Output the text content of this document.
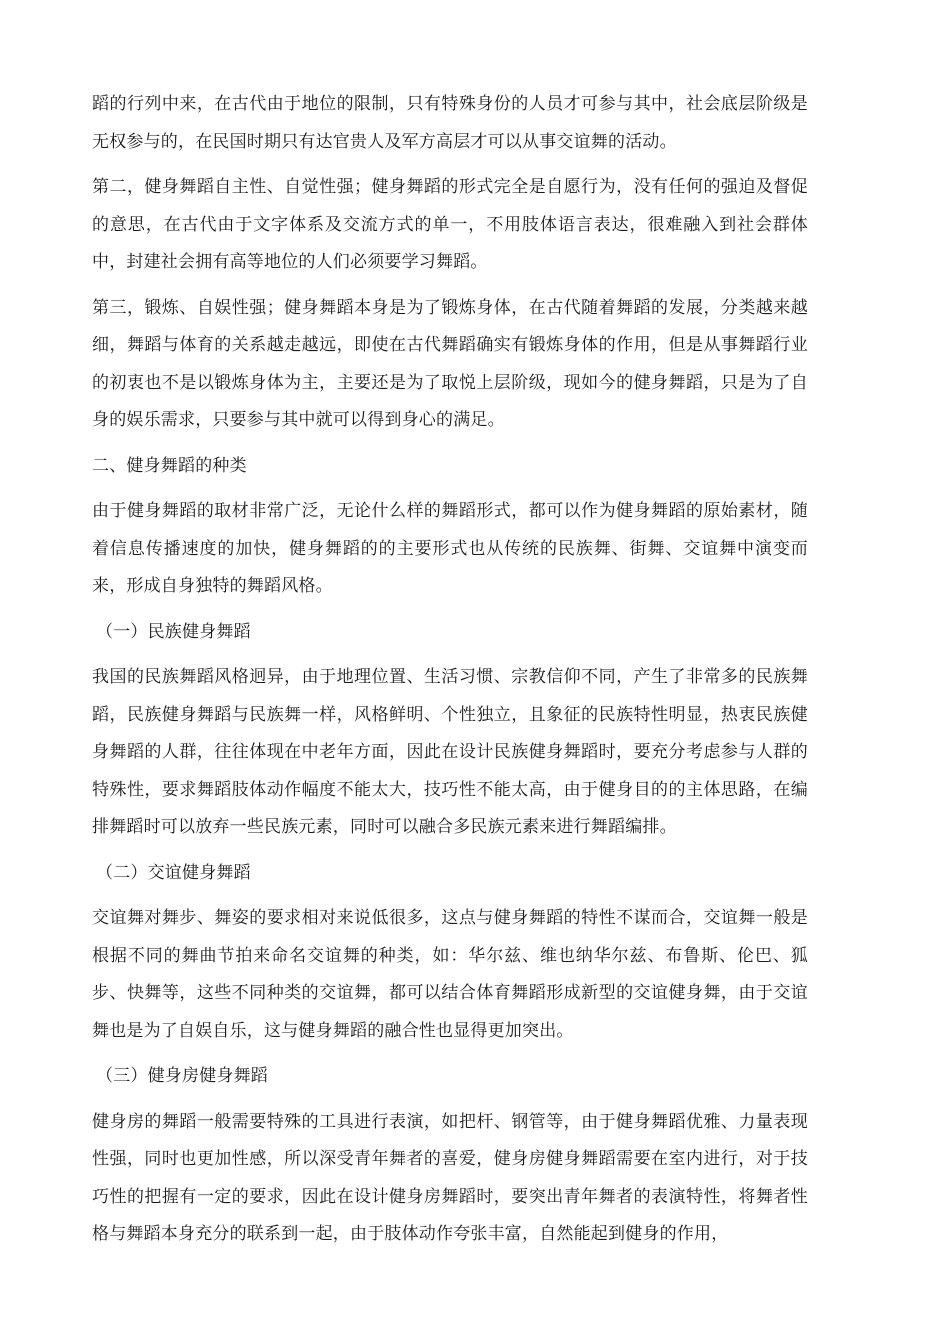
蹈的行列中来，在古代由于地位的限制，只有特殊身份的人员才可参与其中，社会底层阶级是无权参与的，在民国时期只有达官贵人及军方高层才可以从事交谊舞的活动。

第二，健身舞蹈自主性、自觉性强；健身舞蹈的形式完全是自愿行为，没有任何的强迫及督促的意思，在古代由于文字体系及交流方式的单一，不用肢体语言表达，很难融入到社会群体中，封建社会拥有高等地位的人们必须要学习舞蹈。

第三，锻炼、自娱性强；健身舞蹈本身是为了锻炼身体，在古代随着舞蹈的发展，分类越来越细，舞蹈与体育的关系越走越远，即使在古代舞蹈确实有锻炼身体的作用，但是从事舞蹈行业的初衷也不是以锻炼身体为主，主要还是为了取悦上层阶级，现如今的健身舞蹈，只是为了自身的娱乐需求，只要参与其中就可以得到身心的满足。

二、健身舞蹈的种类

由于健身舞蹈的取材非常广泛，无论什么样的舞蹈形式，都可以作为健身舞蹈的原始素材，随着信息传播速度的加快，健身舞蹈的的主要形式也从传统的民族舞、街舞、交谊舞中演变而来，形成自身独特的舞蹈风格。

（一）民族健身舞蹈

我国的民族舞蹈风格迥异，由于地理位置、生活习惯、宗教信仰不同，产生了非常多的民族舞蹈，民族健身舞蹈与民族舞一样，风格鲜明、个性独立，且象征的民族特性明显，热衷民族健身舞蹈的人群，往往体现在中老年方面，因此在设计民族健身舞蹈时，要充分考虑参与人群的特殊性，要求舞蹈肢体动作幅度不能太大，技巧性不能太高，由于健身目的的主体思路，在编排舞蹈时可以放弃一些民族元素，同时可以融合多民族元素来进行舞蹈编排。

（二）交谊健身舞蹈

交谊舞对舞步、舞姿的要求相对来说低很多，这点与健身舞蹈的特性不谋而合，交谊舞一般是根据不同的舞曲节拍来命名交谊舞的种类，如：华尔兹、维也纳华尔兹、布鲁斯、伦巴、狐步、快舞等，这些不同种类的交谊舞，都可以结合体育舞蹈形成新型的交谊健身舞，由于交谊舞也是为了自娱自乐，这与健身舞蹈的融合性也显得更加突出。

（三）健身房健身舞蹈

健身房的舞蹈一般需要特殊的工具进行表演，如把杆、钢管等，由于健身舞蹈优雅、力量表现性强，同时也更加性感，所以深受青年舞者的喜爱，健身房健身舞蹈需要在室内进行，对于技巧性的把握有一定的要求，因此在设计健身房舞蹈时，要突出青年舞者的表演特性，将舞者性格与舞蹈本身充分的联系到一起，由于肢体动作夸张丰富，自然能起到健身的作用，
